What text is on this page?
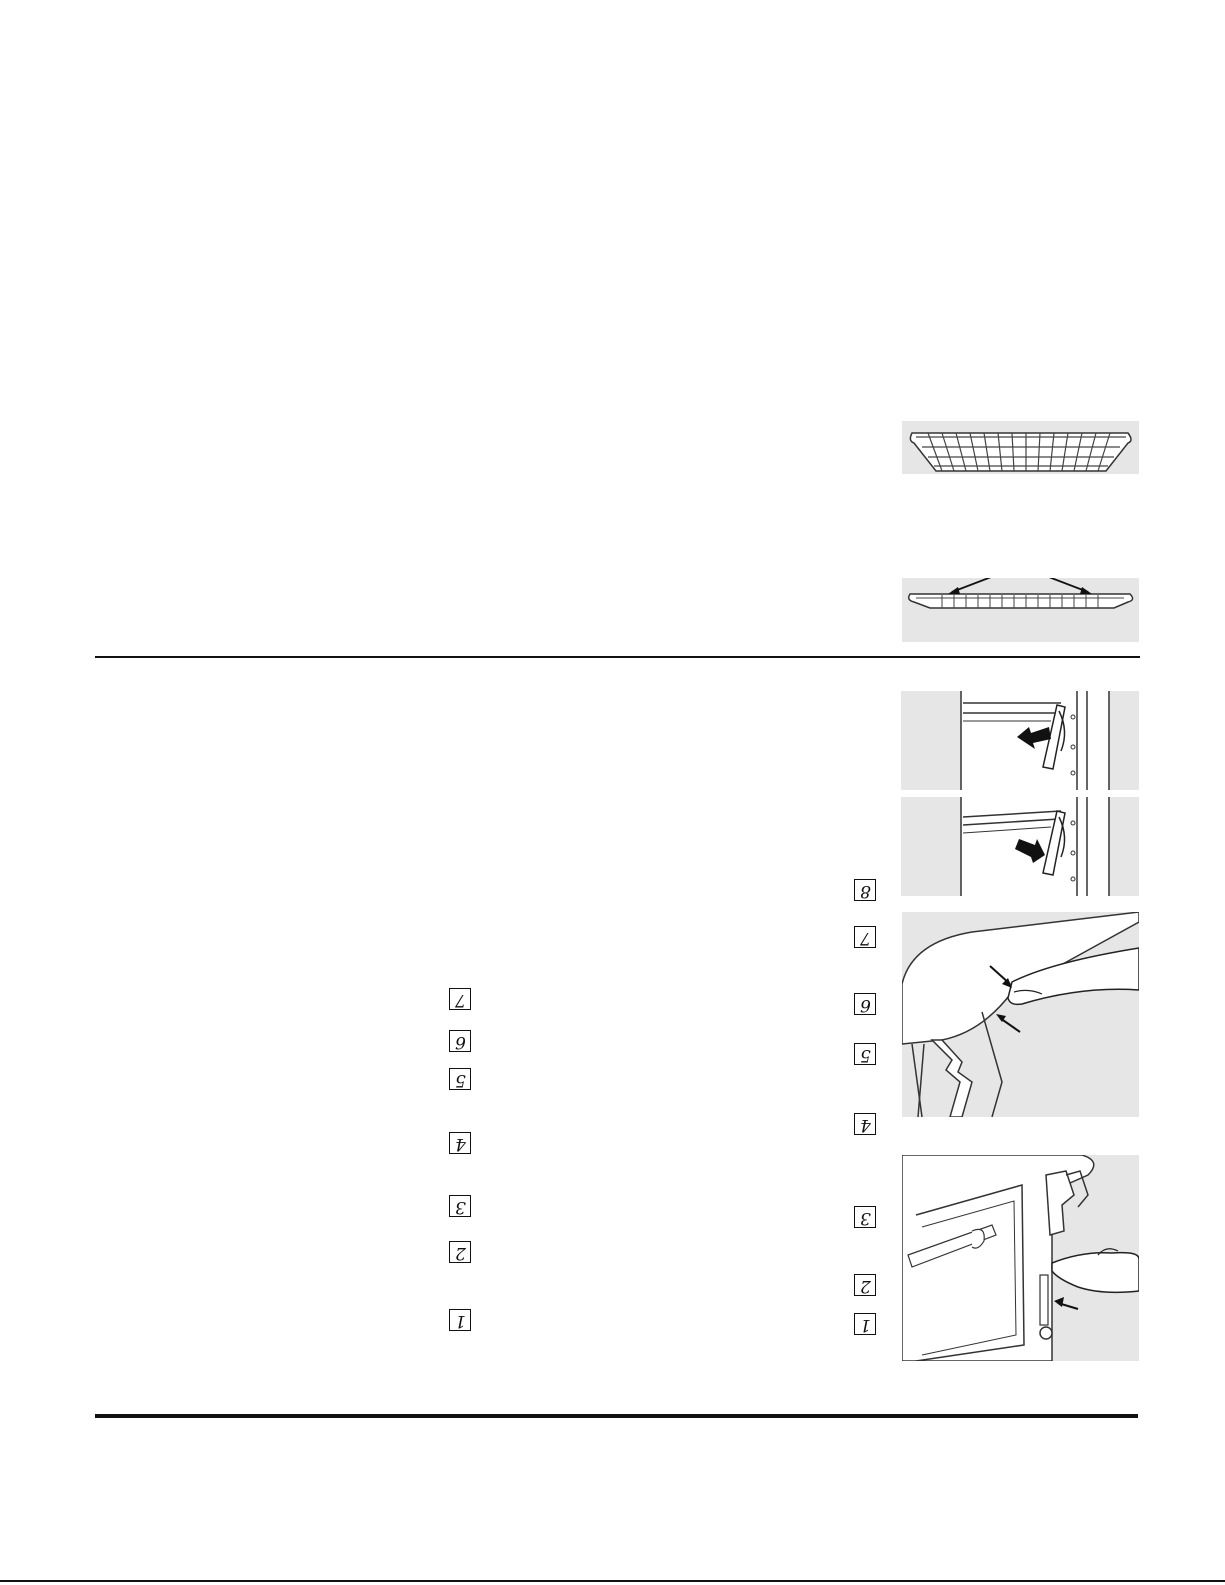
7
6
5
4
3
2
1
8
7
6
5
4
3
2
1
